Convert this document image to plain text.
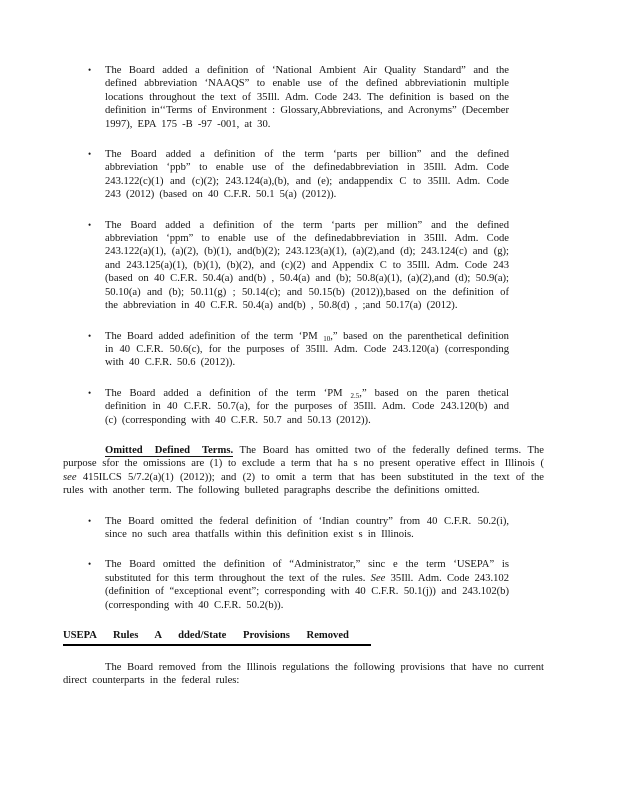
•	The Board added a definition of ‘National Ambient Air Quality Standard” and the defined abbreviation ‘NAAQS” to enable use of the defined abbreviationin multiple locations throughout the text of 35Ill. Adm. Code 243. The definition is based on the definition in‘‘Terms of Environment : Glossary,Abbreviations, and Acronyms” (December 1997), EPA 175 -B -97 -001, at 30.

•	The Board added a definition of the term ‘parts per billion” and the defined abbreviation ‘ppb” to enable use of the definedabbreviation in 35Ill. Adm. Code 243.122(c)(1) and (c)(2); 243.124(a),(b), and (e); andappendix C to 35Ill. Adm. Code 243 (2012) (based on 40 C.F.R. 50.1 5(a) (2012)).

•	The Board added a definition of the term ‘parts per million” and the defined abbreviation ‘ppm” to enable use of the definedabbreviation in 35Ill. Adm. Code 243.122(a)(1), (a)(2), (b)(1), and(b)(2); 243.123(a)(1), (a)(2),and (d); 243.124(c) and (g); and 243.125(a)(1), (b)(1), (b)(2), and (c)(2) and Appendix C to 35Ill. Adm. Code 243 (based on 40 C.F.R. 50.4(a) and(b) , 50.4(a) and (b); 50.8(a)(1), (a)(2),and (d); 50.9(a); 50.10(a) and (b); 50.11(g) ; 50.14(c); and 50.15(b) (2012)),based on the definition of the abbreviation in 40 C.F.R. 50.4(a) and(b) , 50.8(d) , ;and 50.17(a) (2012).

•	The Board added adefinition of the term ‘PM $_{10}$,” based on the parenthetical definition in 40 C.F.R. 50.6(c), for the purposes of 35Ill. Adm. Code 243.120(a) (corresponding with 40 C.F.R. 50.6 (2012)).

•	The Board added a definition of the term ‘PM $_{2.5}$,” based on the paren thetical definition in 40 C.F.R. 50.7(a), for the purposes of 35Ill. Adm. Code 243.120(b) and (c) (corresponding with 40 C.F.R. 50.7 and 50.13 (2012)).

Omitted Defined Terms. The Board has omitted two of the federally defined terms. The purpose sfor the omissions are (1) to exclude a term that ha s no present operative effect in Illinois ( see 415ILCS 5/7.2(a)(1) (2012)); and (2) to omit a term that has been substituted in the text of the rules with another term. The following bulleted paragraphs describe the definitions omitted.

•	The Board omitted the federal definition of ‘Indian country” from 40 C.F.R. 50.2(i), since no such area thatfalls within this definition exist s in Illinois.

•	The Board omitted the definition of “Administrator,” sinc e the term ‘USEPA” is substituted for this term throughout the text of the rules. See 35Ill. Adm. Code 243.102 (definition of “exceptional event”; corresponding with 40 C.F.R. 50.1(j)) and 243.102(b) (corresponding with 40 C.F.R. 50.2(b)).

USEPA Rules A dded/State Provisions Removed

The Board removed from the Illinois regulations the following provisions that have no current direct counterparts in the federal rules:
